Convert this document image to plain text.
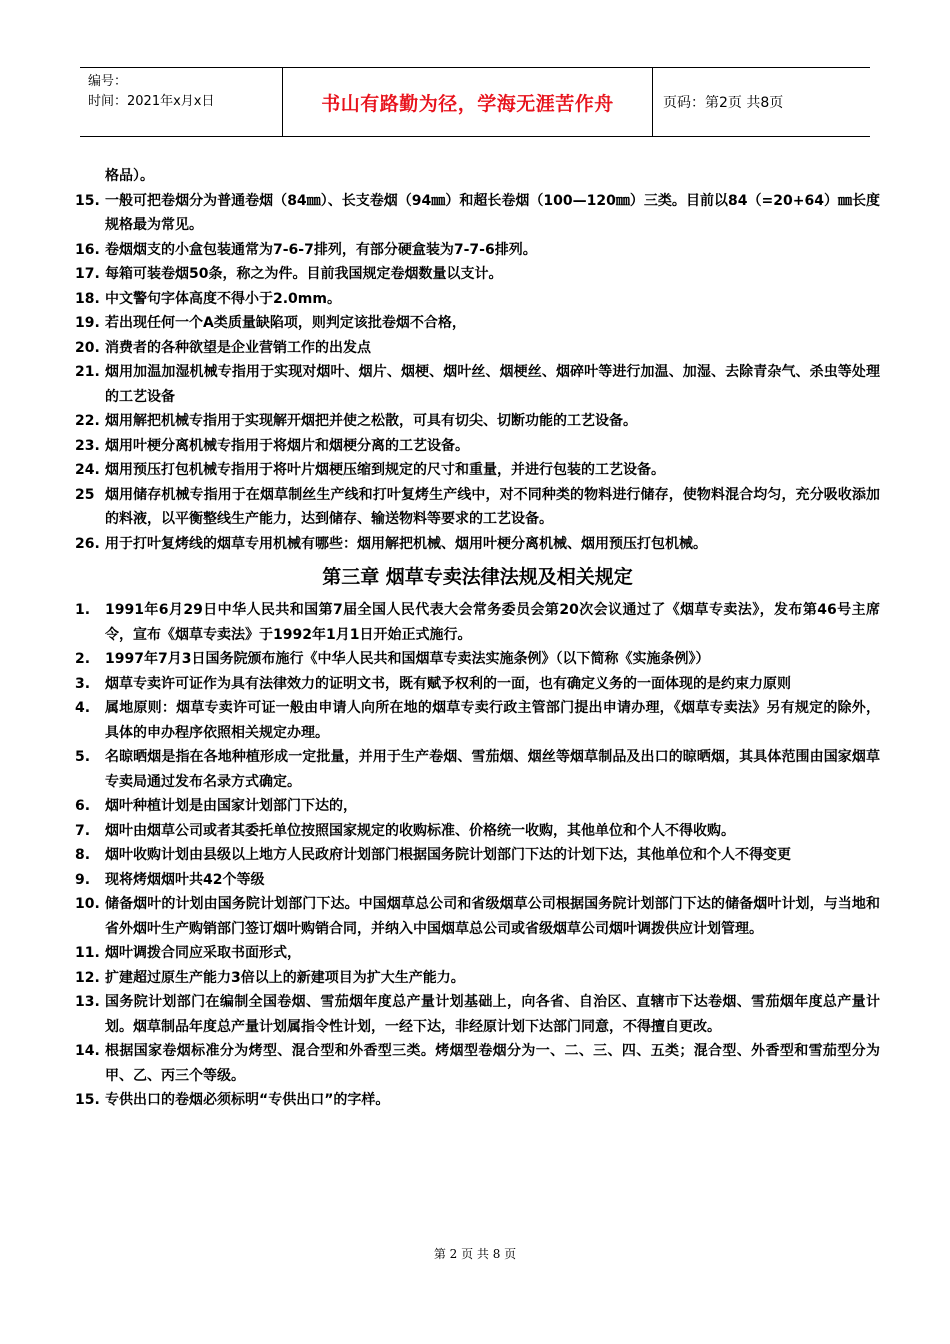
编号：
时间：2021年x月x日	书山有路勤为径，学海无涯苦作舟	页码：第2页 共8页
格品）。
15. 一般可把卷烟分为普通卷烟（84㎜）、长支卷烟（94㎜）和超长卷烟（100—120㎜）三类。目前以84（=20+64）㎜长度规格最为常见。
16. 卷烟烟支的小盒包装通常为7-6-7排列，有部分硬盒装为7-7-6排列。
17. 每箱可装卷烟50条，称之为件。目前我国规定卷烟数量以支计。
18. 中文警句字体高度不得小于2.0mm。
19. 若出现任何一个A类质量缺陷项，则判定该批卷烟不合格，
20. 消费者的各种欲望是企业营销工作的出发点
21. 烟用加温加湿机械专指用于实现对烟叶、烟片、烟梗、烟叶丝、烟梗丝、烟碎叶等进行加温、加湿、去除青杂气、杀虫等处理的工艺设备
22. 烟用解把机械专指用于实现解开烟把并使之松散，可具有切尖、切断功能的工艺设备。
23. 烟用叶梗分离机械专指用于将烟片和烟梗分离的工艺设备。
24. 烟用预压打包机械专指用于将叶片烟梗压缩到规定的尺寸和重量，并进行包装的工艺设备。
25 烟用储存机械专指用于在烟草制丝生产线和打叶复烤生产线中，对不同种类的物料进行储存，使物料混合均匀，充分吸收添加的料液，以平衡整线生产能力，达到储存、输送物料等要求的工艺设备。
26. 用于打叶复烤线的烟草专用机械有哪些：烟用解把机械、烟用叶梗分离机械、烟用预压打包机械。
第三章 烟草专卖法律法规及相关规定
1.	1991年6月29日中华人民共和国第7届全国人民代表大会常务委员会第20次会议通过了《烟草专卖法》，发布第46号主席令，宣布《烟草专卖法》于1992年1月1日开始正式施行。
2.	1997年7月3日国务院颁布施行《中华人民共和国烟草专卖法实施条例》（以下简称《实施条例》）
3.	烟草专卖许可证作为具有法律效力的证明文书，既有赋予权利的一面，也有确定义务的一面体现的是约束力原则
4.	属地原则：烟草专卖许可证一般由申请人向所在地的烟草专卖行政主管部门提出申请办理，《烟草专卖法》另有规定的除外，具体的申办程序依照相关规定办理。
5.	名晾晒烟是指在各地种植形成一定批量，并用于生产卷烟、雪茄烟、烟丝等烟草制品及出口的晾晒烟，其具体范围由国家烟草专卖局通过发布名录方式确定。
6.	烟叶种植计划是由国家计划部门下达的，
7.	烟叶由烟草公司或者其委托单位按照国家规定的收购标准、价格统一收购，其他单位和个人不得收购。
8.	烟叶收购计划由县级以上地方人民政府计划部门根据国务院计划部门下达的计划下达，其他单位和个人不得变更
9.	现将烤烟烟叶共42个等级
10. 储备烟叶的计划由国务院计划部门下达。中国烟草总公司和省级烟草公司根据国务院计划部门下达的储备烟叶计划，与当地和省外烟叶生产购销部门签订烟叶购销合同，并纳入中国烟草总公司或省级烟草公司烟叶调拨供应计划管理。
11. 烟叶调拨合同应采取书面形式，
12. 扩建超过原生产能力3倍以上的新建项目为扩大生产能力。
13. 国务院计划部门在编制全国卷烟、雪茄烟年度总产量计划基础上，向各省、自治区、直辖市下达卷烟、雪茄烟年度总产量计划。烟草制品年度总产量计划属指令性计划，一经下达，非经原计划下达部门同意，不得擅自更改。
14. 根据国家卷烟标准分为烤型、混合型和外香型三类。烤烟型卷烟分为一、二、三、四、五类；混合型、外香型和雪茄型分为甲、乙、丙三个等级。
15. 专供出口的卷烟必须标明“专供出口”的字样。
第 2 页 共 8 页
